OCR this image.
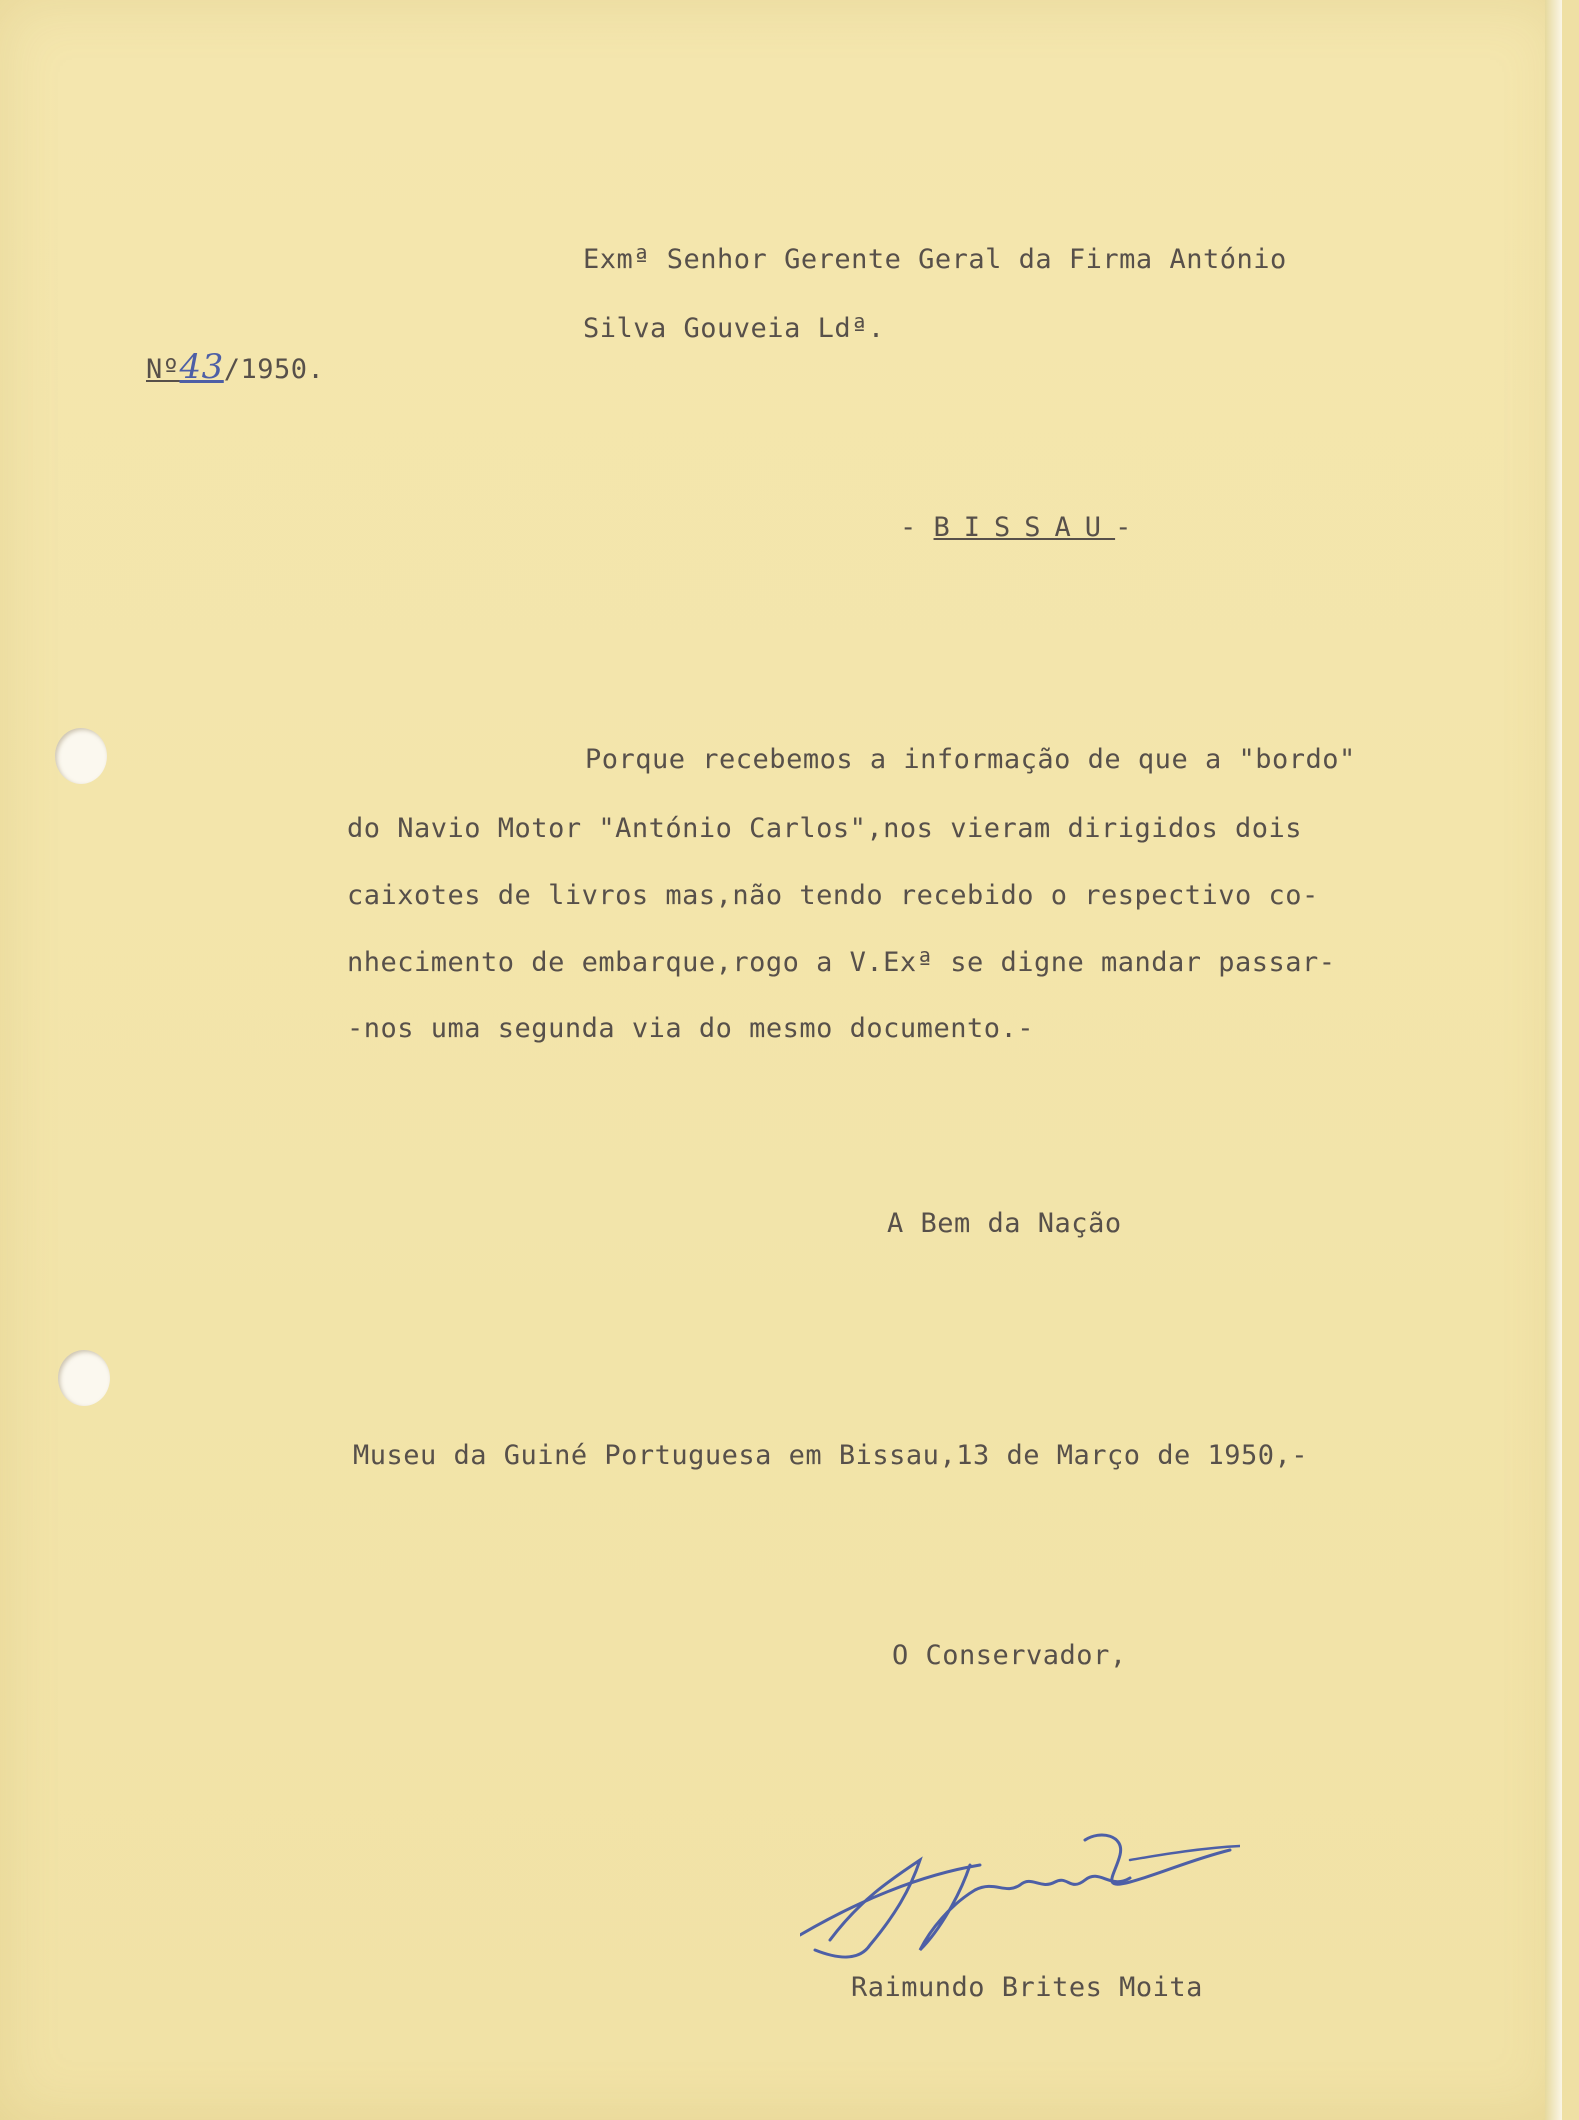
Exmª Senhor Gerente Geral da Firma António
Silva Gouveia Ldª.
Nº43/1950.
- BISSAU-
Porque recebemos a informação de que a "bordo"
do Navio Motor "António Carlos",nos vieram dirigidos dois
caixotes de livros mas,não tendo recebido o respectivo co-
nhecimento de embarque,rogo a V.Exª se digne mandar passar-
-nos uma segunda via do mesmo documento.-
A Bem da Nação
Museu da Guiné Portuguesa em Bissau,13 de Março de 1950,-
O Conservador,
Raimundo Brites Moita
